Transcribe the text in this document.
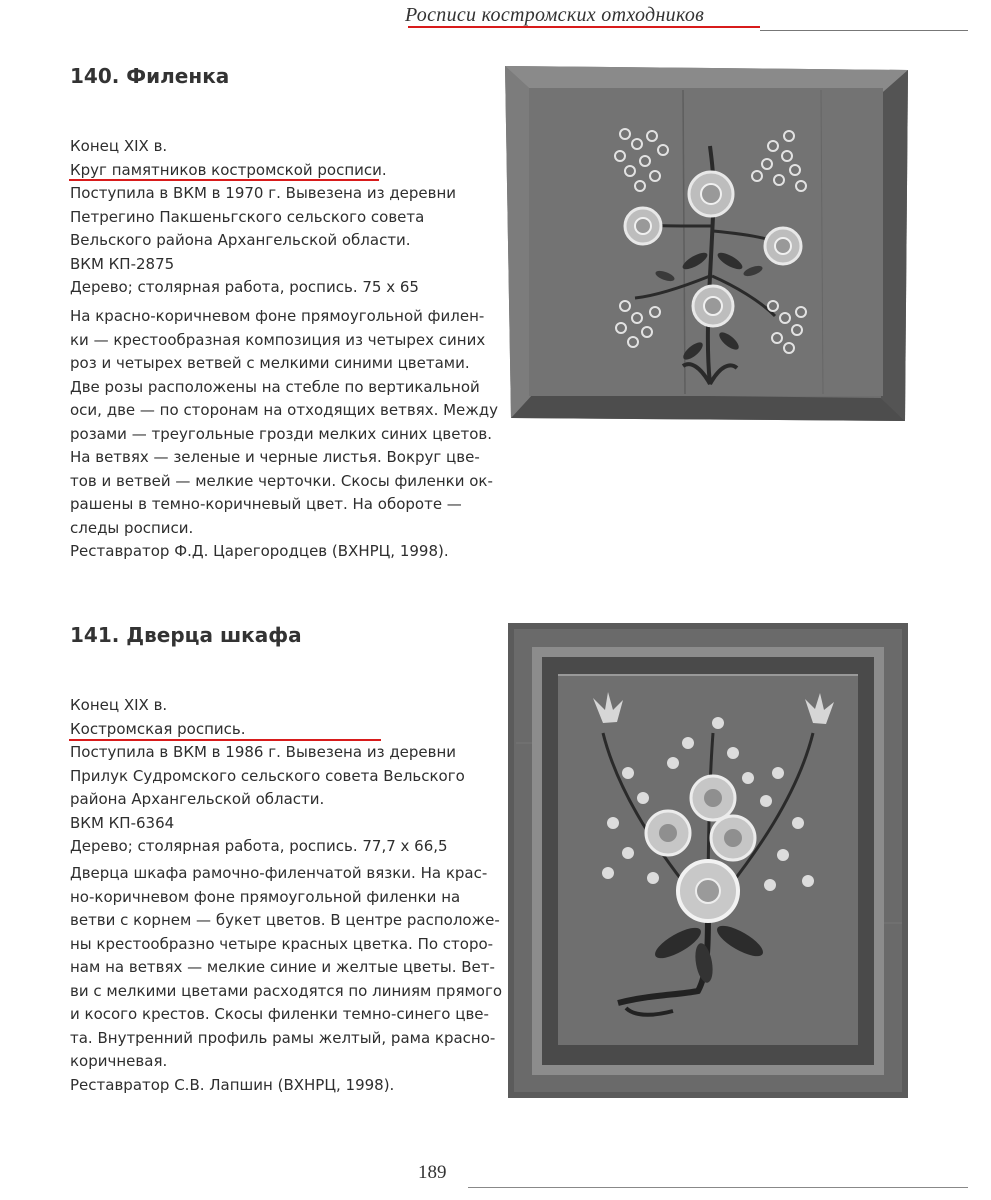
Росписи костромских отходников
140. Филенка
Конец XIX в.
Круг памятников костромской росписи.
Поступила в ВКМ в 1970 г. Вывезена из деревни
Петрегино Пакшеньгского сельского совета
Вельского района Архангельской области.
ВКМ КП-2875
Дерево; столярная работа, роспись. 75 х 65
На красно-коричневом фоне прямоугольной филен-
ки — крестообразная композиция из четырех синих
роз и четырех ветвей с мелкими синими цветами.
Две розы расположены на стебле по вертикальной
оси, две — по сторонам на отходящих ветвях. Между
розами — треугольные грозди мелких синих цветов.
На ветвях — зеленые и черные листья. Вокруг цве-
тов и ветвей — мелкие черточки. Скосы филенки ок-
рашены в темно-коричневый цвет. На обороте —
следы росписи.
Реставратор Ф.Д. Царегородцев (ВХНРЦ, 1998).
141. Дверца шкафа
Конец XIX в.
Костромская роспись.
Поступила в ВКМ в 1986 г. Вывезена из деревни
Прилук Судромского сельского совета Вельского
района Архангельской области.
ВКМ КП-6364
Дерево; столярная работа, роспись. 77,7 х 66,5
Дверца шкафа рамочно-филенчатой вязки. На крас-
но-коричневом фоне прямоугольной филенки на
ветви с корнем — букет цветов. В центре расположе-
ны крестообразно четыре красных цветка. По сторо-
нам на ветвях — мелкие синие и желтые цветы. Вет-
ви с мелкими цветами расходятся по линиям прямого
и косого крестов. Скосы филенки темно-синего цве-
та. Внутренний профиль рамы желтый, рама красно-
коричневая.
Реставратор С.В. Лапшин (ВХНРЦ, 1998).
189
